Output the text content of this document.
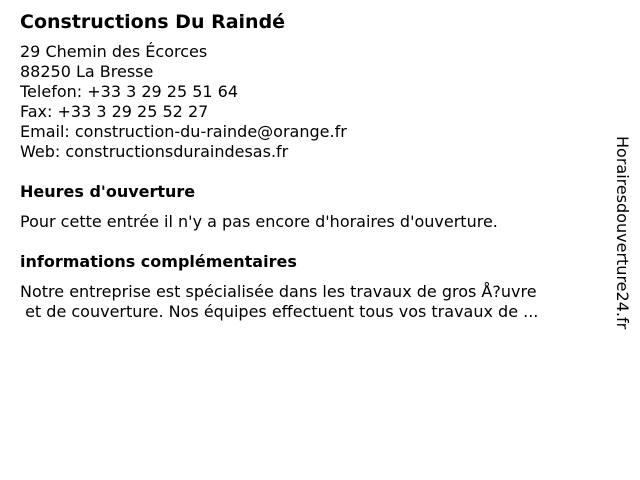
Constructions Du Raindé
29 Chemin des Écorces
88250 La Bresse
Telefon: +33 3 29 25 51 64
Fax: +33 3 29 25 52 27
Email: construction-du-rainde@orange.fr
Web: constructionsduraindesas.fr
Heures d'ouverture
Pour cette entrée il n'y a pas encore d'horaires d'ouverture.
informations complémentaires
Notre entreprise est spécialisée dans les travaux de gros Å?uvre
et de couverture. Nos équipes effectuent tous vos travaux de ...	Horairesdouverture24.fr
